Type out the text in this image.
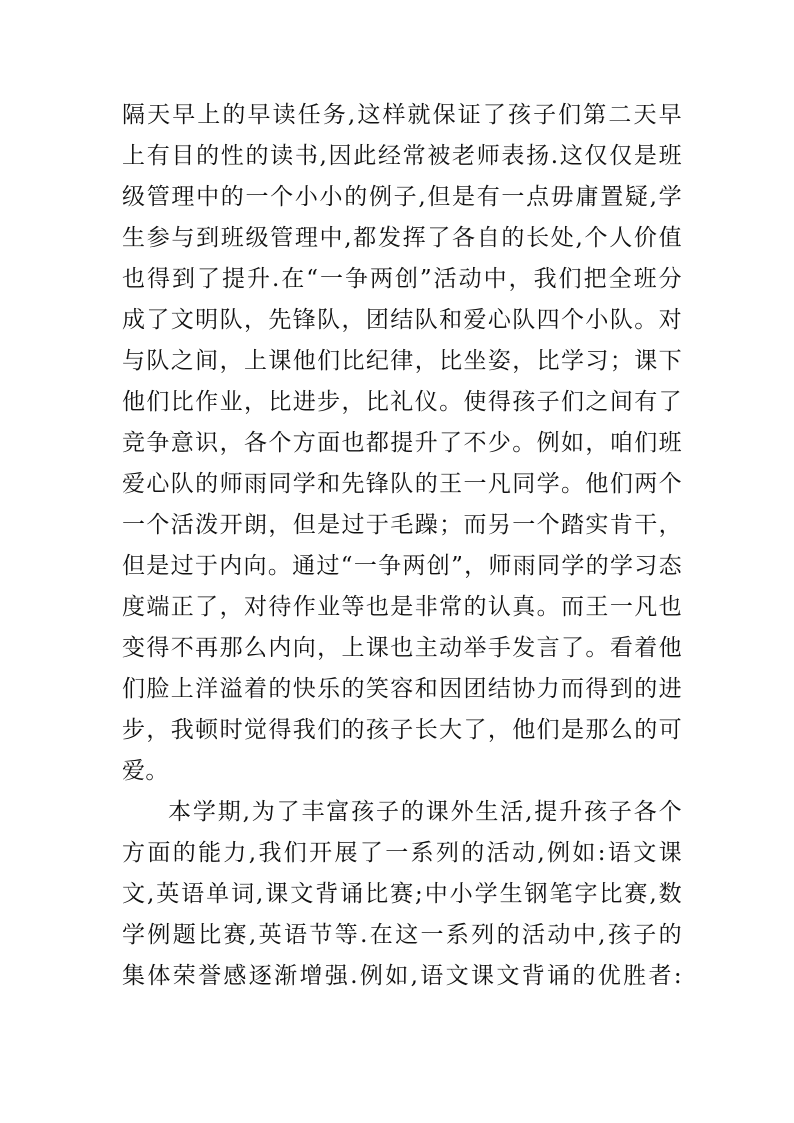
隔天早上的早读任务,这样就保证了孩子们第二天早
上有目的性的读书,因此经常被老师表扬.这仅仅是班
级管理中的一个小小的例子,但是有一点毋庸置疑,学
生参与到班级管理中,都发挥了各自的长处,个人价值
也得到了提升.在“一争两创”活动中，我们把全班分
成了文明队，先锋队，团结队和爱心队四个小队。对
与队之间，上课他们比纪律，比坐姿，比学习；课下
他们比作业，比进步，比礼仪。使得孩子们之间有了
竞争意识，各个方面也都提升了不少。例如，咱们班
爱心队的师雨同学和先锋队的王一凡同学。他们两个
一个活泼开朗，但是过于毛躁；而另一个踏实肯干，
但是过于内向。通过“一争两创”，师雨同学的学习态
度端正了，对待作业等也是非常的认真。而王一凡也
变得不再那么内向，上课也主动举手发言了。看着他
们脸上洋溢着的快乐的笑容和因团结协力而得到的进
步，我顿时觉得我们的孩子长大了，他们是那么的可
爱。
本学期,为了丰富孩子的课外生活,提升孩子各个
方面的能力,我们开展了一系列的活动,例如:语文课
文,英语单词,课文背诵比赛;中小学生钢笔字比赛,数
学例题比赛,英语节等.在这一系列的活动中,孩子的
集体荣誉感逐渐增强.例如,语文课文背诵的优胜者:
